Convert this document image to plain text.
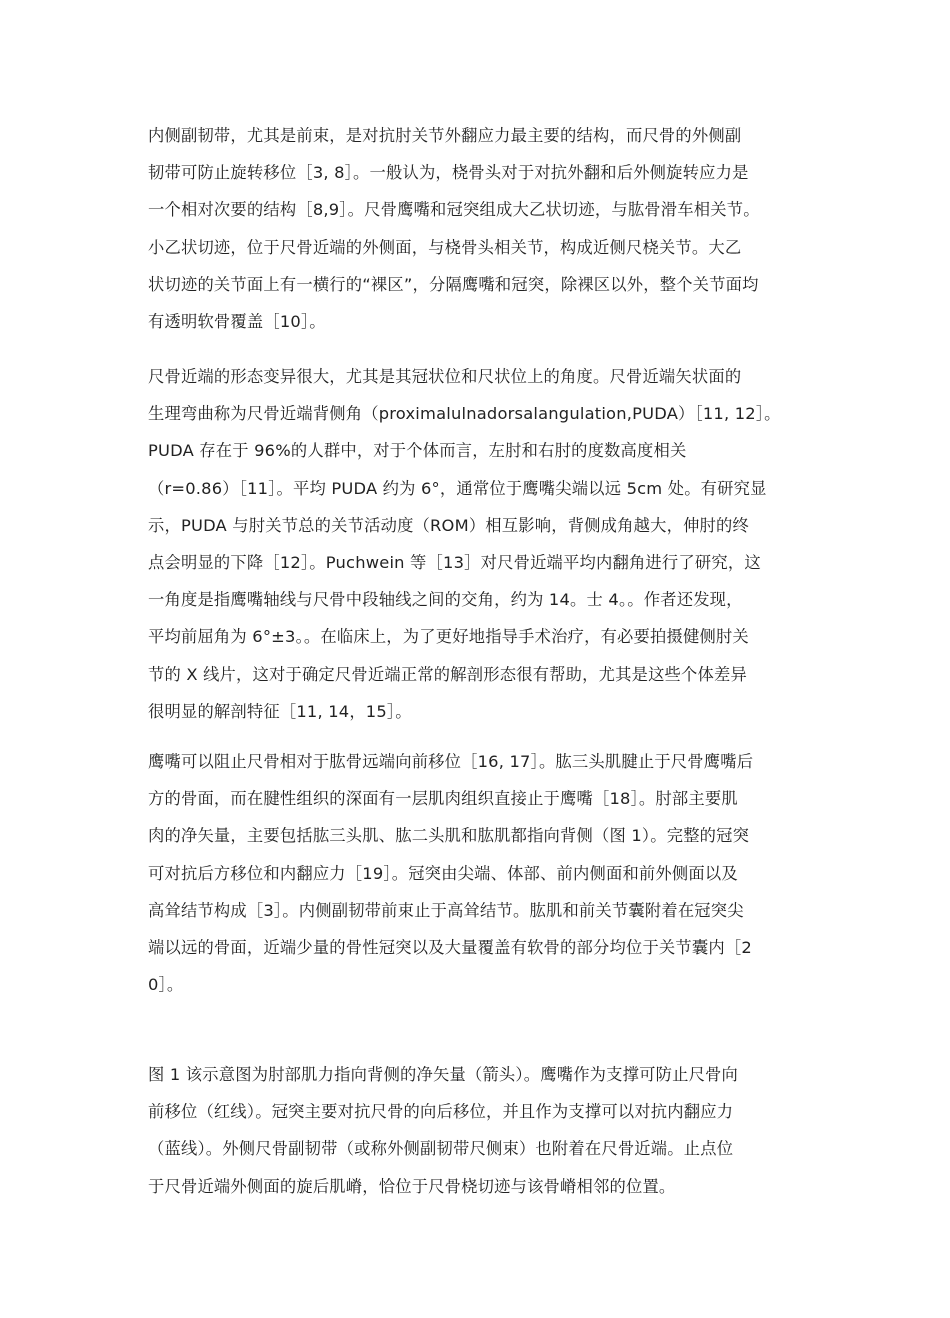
内侧副韧带，尤其是前束，是对抗肘关节外翻应力最主要的结构，而尺骨的外侧副
韧带可防止旋转移位［3, 8］。一般认为，桡骨头对于对抗外翻和后外侧旋转应力是
一个相对次要的结构［8,9］。尺骨鹰嘴和冠突组成大乙状切迹，与肱骨滑车相关节。
小乙状切迹，位于尺骨近端的外侧面，与桡骨头相关节，构成近侧尺桡关节。大乙
状切迹的关节面上有一横行的“裸区”，分隔鹰嘴和冠突，除裸区以外，整个关节面均
有透明软骨覆盖［10］。
尺骨近端的形态变异很大，尤其是其冠状位和尺状位上的角度。尺骨近端矢状面的
生理弯曲称为尺骨近端背侧角（proximalulnadorsalangulation,PUDA）［11, 12］。
PUDA 存在于 96%的人群中，对于个体而言，左肘和右肘的度数高度相关
（r=0.86）［11］。平均 PUDA 约为 6°，通常位于鹰嘴尖端以远 5cm 处。有研究显
示，PUDA 与肘关节总的关节活动度（ROM）相互影响，背侧成角越大，伸肘的终
点会明显的下降［12］。Puchwein 等［13］对尺骨近端平均内翻角进行了研究，这
一角度是指鹰嘴轴线与尺骨中段轴线之间的交角，约为 14。士 4。。作者还发现，
平均前屈角为 6°±3。。在临床上，为了更好地指导手术治疗，有必要拍摄健侧肘关
节的 X 线片，这对于确定尺骨近端正常的解剖形态很有帮助，尤其是这些个体差异
很明显的解剖特征［11, 14，15］。
鹰嘴可以阻止尺骨相对于肱骨远端向前移位［16, 17］。肱三头肌腱止于尺骨鹰嘴后
方的骨面，而在腱性组织的深面有一层肌肉组织直接止于鹰嘴［18］。肘部主要肌
肉的净矢量，主要包括肱三头肌、肱二头肌和肱肌都指向背侧（图 1）。完整的冠突
可对抗后方移位和内翻应力［19］。冠突由尖端、体部、前内侧面和前外侧面以及
高耸结节构成［3］。内侧副韧带前束止于高耸结节。肱肌和前关节囊附着在冠突尖
端以远的骨面，近端少量的骨性冠突以及大量覆盖有软骨的部分均位于关节囊内［2
0］。
图 1 该示意图为肘部肌力指向背侧的净矢量（箭头）。鹰嘴作为支撑可防止尺骨向
前移位（红线）。冠突主要对抗尺骨的向后移位，并且作为支撑可以对抗内翻应力
（蓝线）。外侧尺骨副韧带（或称外侧副韧带尺侧束）也附着在尺骨近端。止点位
于尺骨近端外侧面的旋后肌嵴，恰位于尺骨桡切迹与该骨嵴相邻的位置。
